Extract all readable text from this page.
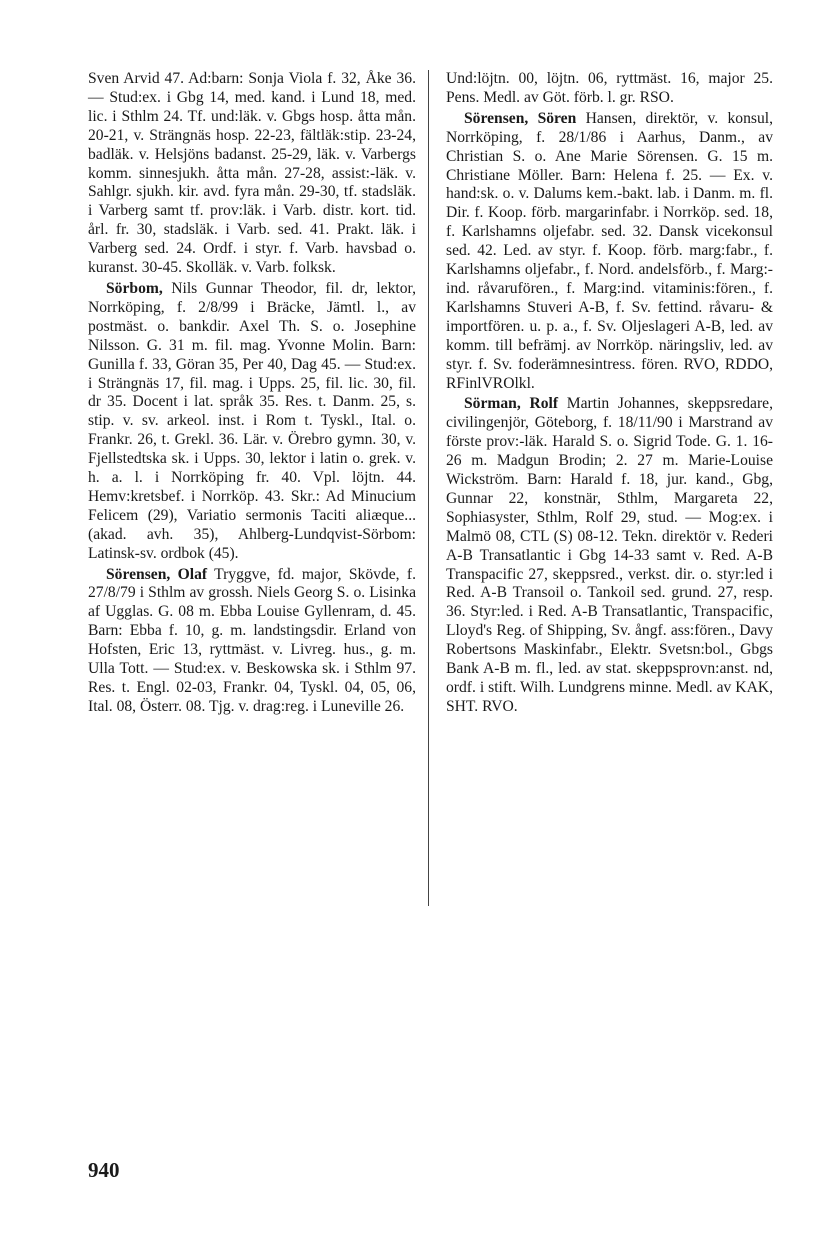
Sven Arvid 47. Ad:barn: Sonja Viola f. 32, Åke 36. — Stud:ex. i Gbg 14, med. kand. i Lund 18, med. lic. i Sthlm 24. Tf. und:läk. v. Gbgs hosp. åtta mån. 20-21, v. Strängnäs hosp. 22-23, fältläk:stip. 23-24, badläk. v. Helsjöns badanst. 25-29, läk. v. Varbergs komm. sinnesjukh. åtta mån. 27-28, assist:-läk. v. Sahlgr. sjukh. kir. avd. fyra mån. 29-30, tf. stadsläk. i Varberg samt tf. prov:läk. i Varb. distr. kort. tid. årl. fr. 30, stadsläk. i Varb. sed. 41. Prakt. läk. i Varberg sed. 24. Ordf. i styr. f. Varb. havsbad o. kuranst. 30-45. Skolläk. v. Varb. folksk.

Sörbom, Nils Gunnar Theodor, fil. dr, lektor, Norrköping, f. 2/8/99 i Bräcke, Jämtl. l., av postmäst. o. bankdir. Axel Th. S. o. Josephine Nilsson. G. 31 m. fil. mag. Yvonne Molin. Barn: Gunilla f. 33, Göran 35, Per 40, Dag 45. — Stud:ex. i Strängnäs 17, fil. mag. i Upps. 25, fil. lic. 30, fil. dr 35. Docent i lat. språk 35. Res. t. Danm. 25, s. stip. v. sv. arkeol. inst. i Rom t. Tyskl., Ital. o. Frankr. 26, t. Grekl. 36. Lär. v. Örebro gymn. 30, v. Fjellstedtska sk. i Upps. 30, lektor i latin o. grek. v. h. a. l. i Norrköping fr. 40. Vpl. löjtn. 44. Hemv:kretsbef. i Norrköp. 43. Skr.: Ad Minucium Felicem (29), Variatio sermonis Taciti aliæque... (akad. avh. 35), Ahlberg-Lundqvist-Sörbom: Latinsk-sv. ordbok (45).

Sörensen, Olaf Tryggve, fd. major, Skövde, f. 27/8/79 i Sthlm av grossh. Niels Georg S. o. Lisinka af Ugglas. G. 08 m. Ebba Louise Gyllenram, d. 45. Barn: Ebba f. 10, g. m. landstingsdir. Erland von Hofsten, Eric 13, ryttmäst. v. Livreg. hus., g. m. Ulla Tott. — Stud:ex. v. Beskowska sk. i Sthlm 97. Res. t. Engl. 02-03, Frankr. 04, Tyskl. 04, 05, 06, Ital. 08, Österr. 08. Tjg. v. drag:reg. i Luneville 26.

Und:löjtn. 00, löjtn. 06, ryttmäst. 16, major 25. Pens. Medl. av Göt. förb. l. gr. RSO.

Sörensen, Sören Hansen, direktör, v. konsul, Norrköping, f. 28/1/86 i Aarhus, Danm., av Christian S. o. Ane Marie Sörensen. G. 15 m. Christiane Möller. Barn: Helena f. 25. — Ex. v. hand:sk. o. v. Dalums kem.-bakt. lab. i Danm. m. fl. Dir. f. Koop. förb. margarinfabr. i Norrköp. sed. 18, f. Karlshamns oljefabr. sed. 32. Dansk vicekonsul sed. 42. Led. av styr. f. Koop. förb. marg:fabr., f. Karlshamns oljefabr., f. Nord. andelsförb., f. Marg:-ind. råvarufören., f. Marg:ind. vitaminis:fören., f. Karlshamns Stuveri A-B, f. Sv. fettind. råvaru- & importfören. u. p. a., f. Sv. Oljeslageri A-B, led. av komm. till befrämj. av Norrköp. näringsliv, led. av styr. f. Sv. foderämnesintress. fören. RVO, RDDO, RFinlVROlkl.

Sörman, Rolf Martin Johannes, skeppsredare, civilingenjör, Göteborg, f. 18/11/90 i Marstrand av förste prov:-läk. Harald S. o. Sigrid Tode. G. 1. 16-26 m. Madgun Brodin; 2. 27 m. Marie-Louise Wickström. Barn: Harald f. 18, jur. kand., Gbg, Gunnar 22, konstnär, Sthlm, Margareta 22, Sophiasyster, Sthlm, Rolf 29, stud. — Mog:ex. i Malmö 08, CTL (S) 08-12. Tekn. direktör v. Rederi A-B Transatlantic i Gbg 14-33 samt v. Red. A-B Transpacific 27, skeppsred., verkst. dir. o. styr:led i Red. A-B Transoil o. Tankoil sed. grund. 27, resp. 36. Styr:led. i Red. A-B Transatlantic, Transpacific, Lloyd's Reg. of Shipping, Sv. ångf. ass:fören., Davy Robertsons Maskinfabr., Elektr. Svetsn:bol., Gbgs Bank A-B m. fl., led. av stat. skeppsprovn:anst. nd, ordf. i stift. Wilh. Lundgrens minne. Medl. av KAK, SHT. RVO.

940
